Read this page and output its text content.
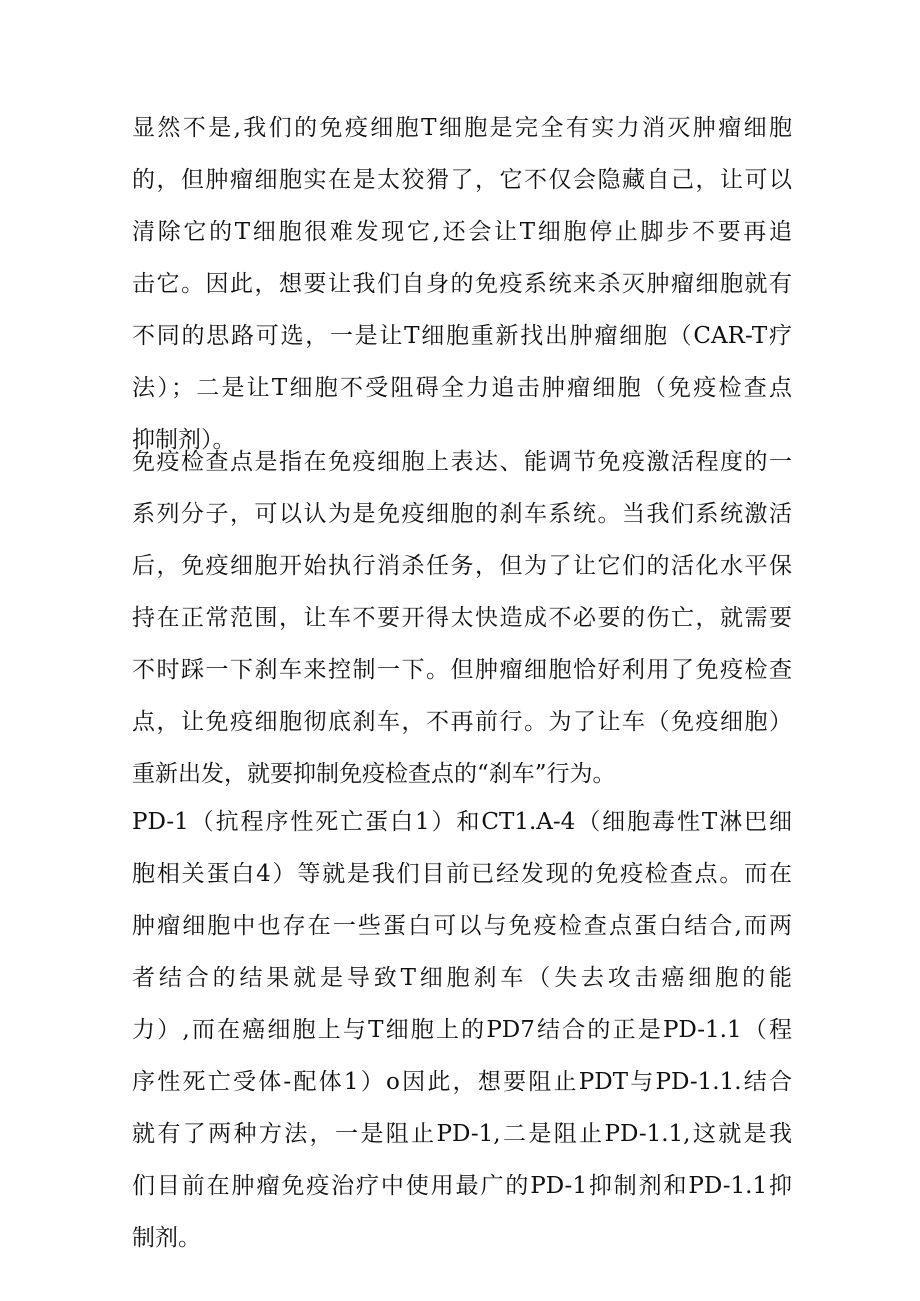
显然不是,我们的免疫细胞T细胞是完全有实力消灭肿瘤细胞
的，但肿瘤细胞实在是太狡猾了，它不仅会隐藏自己，让可以
清除它的T细胞很难发现它,还会让T细胞停止脚步不要再追
击它。因此，想要让我们自身的免疫系统来杀灭肿瘤细胞就有
不同的思路可选，一是让T细胞重新找出肿瘤细胞（CAR-T疗
法）；二是让T细胞不受阻碍全力追击肿瘤细胞（免疫检查点
抑制剂）。
免疫检查点是指在免疫细胞上表达、能调节免疫激活程度的一
系列分子，可以认为是免疫细胞的刹车系统。当我们系统激活
后，免疫细胞开始执行消杀任务，但为了让它们的活化水平保
持在正常范围，让车不要开得太快造成不必要的伤亡，就需要
不时踩一下刹车来控制一下。但肿瘤细胞恰好利用了免疫检查
点，让免疫细胞彻底刹车，不再前行。为了让车（免疫细胞）
重新出发，就要抑制免疫检查点的“刹车”行为。
PD-1（抗程序性死亡蛋白1）和CT1.A-4（细胞毒性T淋巴细
胞相关蛋白4）等就是我们目前已经发现的免疫检查点。而在
肿瘤细胞中也存在一些蛋白可以与免疫检查点蛋白结合,而两
者结合的结果就是导致T细胞刹车（失去攻击癌细胞的能
力）,而在癌细胞上与T细胞上的PD7结合的正是PD-1.1（程
序性死亡受体-配体1）o因此，想要阻止PDT与PD-1.1.结合
就有了两种方法，一是阻止PD-1,二是阻止PD-1.1,这就是我
们目前在肿瘤免疫治疗中使用最广的PD-1抑制剂和PD-1.1抑
制剂。
